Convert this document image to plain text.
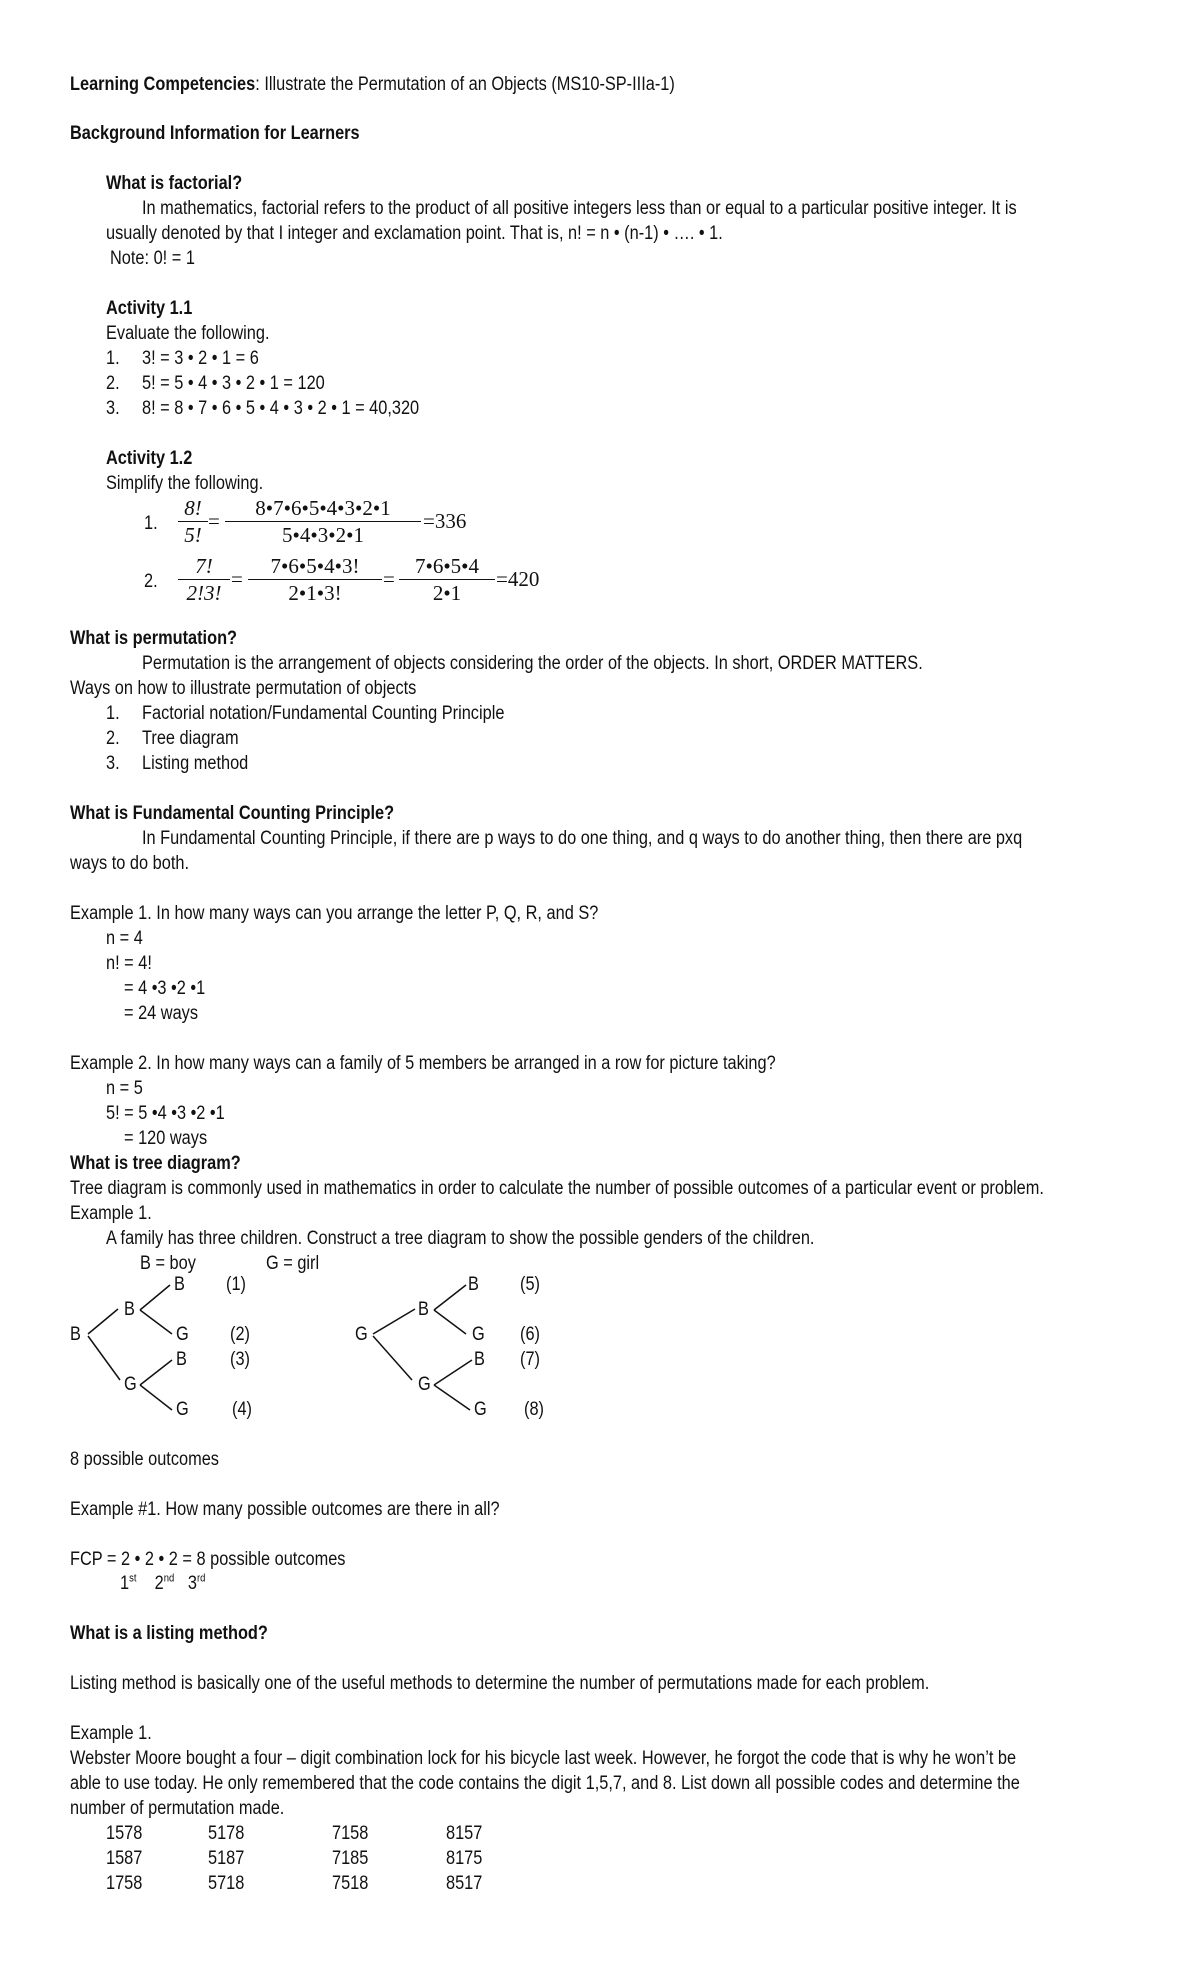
Learning Competencies: Illustrate the Permutation of an Objects (MS10-SP-IIIa-1)
Background Information for Learners
What is factorial?
In mathematics, factorial refers to the product of all positive integers less than or equal to a particular positive integer. It is
usually denoted by that I integer and exclamation point. That is, n! = n • (n-1) • …. • 1.
Note: 0! = 1
Activity 1.1
Evaluate the following.
1. 3! = 3 • 2 • 1 = 6
2. 5! = 5 • 4 • 3 • 2 • 1 = 120
3. 8! = 8 • 7 • 6 • 5 • 4 • 3 • 2 • 1 = 40,320
Activity 1.2
Simplify the following.
1. $\frac{8!}{5!} = \frac{8•7•6•5•4•3•2•1}{5•4•3•2•1} =336$
2. $\frac{7!}{2!3!} = \frac{7•6•5•4•3!}{2•1•3!} = \frac{7•6•5•4}{2•1} =420$
What is permutation?
Permutation is the arrangement of objects considering the order of the objects. In short, ORDER MATTERS.
Ways on how to illustrate permutation of objects
1. Factorial notation/Fundamental Counting Principle
2. Tree diagram
3. Listing method
What is Fundamental Counting Principle?
In Fundamental Counting Principle, if there are p ways to do one thing, and q ways to do another thing, then there are pxq
ways to do both.
Example 1. In how many ways can you arrange the letter P, Q, R, and S?
n = 4
n! = 4!
= 4 •3 •2 •1
= 24 ways
Example 2. In how many ways can a family of 5 members be arranged in a row for picture taking?
n = 5
5! = 5 •4 •3 •2 •1
= 120 ways
What is tree diagram?
Tree diagram is commonly used in mathematics in order to calculate the number of possible outcomes of a particular event or problem.
Example 1.
A family has three children. Construct a tree diagram to show the possible genders of the children.
B = boy	G = girl
B
B
G
B
G
B
G
(1)
(2)
(3)
(4)
G
B
G
B
G
B
G
(5)
(6)
(7)
(8)
8 possible outcomes
Example #1. How many possible outcomes are there in all?
FCP = 2 • 2 • 2 = 8 possible outcomes
1st 2nd 3rd
What is a listing method?
Listing method is basically one of the useful methods to determine the number of permutations made for each problem.
Example 1.
Webster Moore bought a four – digit combination lock for his bicycle last week. However, he forgot the code that is why he won’t be
able to use today. He only remembered that the code contains the digit 1,5,7, and 8. List down all possible codes and determine the
number of permutation made.
1578	5178	7158	8157
1587	5187	7185	8175
1758	5718	7518	8517
